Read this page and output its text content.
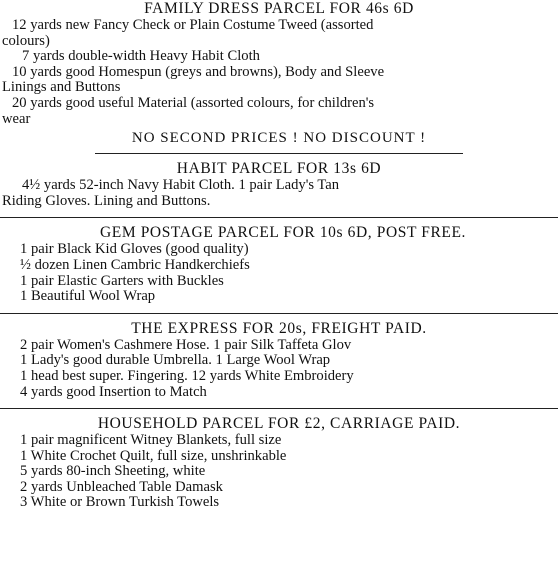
FAMILY DRESS PARCEL FOR 46s 6D
12 yards new Fancy Check or Plain Costume Tweed (assorted
colours)
7 yards double-width Heavy Habit Cloth
10 yards good Homespun (greys and browns), Body and Sleeve
Linings and Buttons
20 yards good useful Material (assorted colours, for children's
wear
NO SECOND PRICES ! NO DISCOUNT !
HABIT PARCEL FOR 13s 6D
4½ yards 52-inch Navy Habit Cloth. 1 pair Lady's Tan
Riding Gloves. Lining and Buttons.
GEM POSTAGE PARCEL FOR 10s 6D, POST FREE.
1 pair Black Kid Gloves (good quality)
½ dozen Linen Cambric Handkerchiefs
1 pair Elastic Garters with Buckles
1 Beautiful Wool Wrap
THE EXPRESS FOR 20s, FREIGHT PAID.
2 pair Women's Cashmere Hose. 1 pair Silk Taffeta Glov
1 Lady's good durable Umbrella. 1 Large Wool Wrap
1 head best super. Fingering. 12 yards White Embroidery
4 yards good Insertion to Match
HOUSEHOLD PARCEL FOR £2, CARRIAGE PAID.
1 pair magnificent Witney Blankets, full size
1 White Crochet Quilt, full size, unshrinkable
5 yards 80-inch Sheeting, white
2 yards Unbleached Table Damask
3 White or Brown Turkish Towels
